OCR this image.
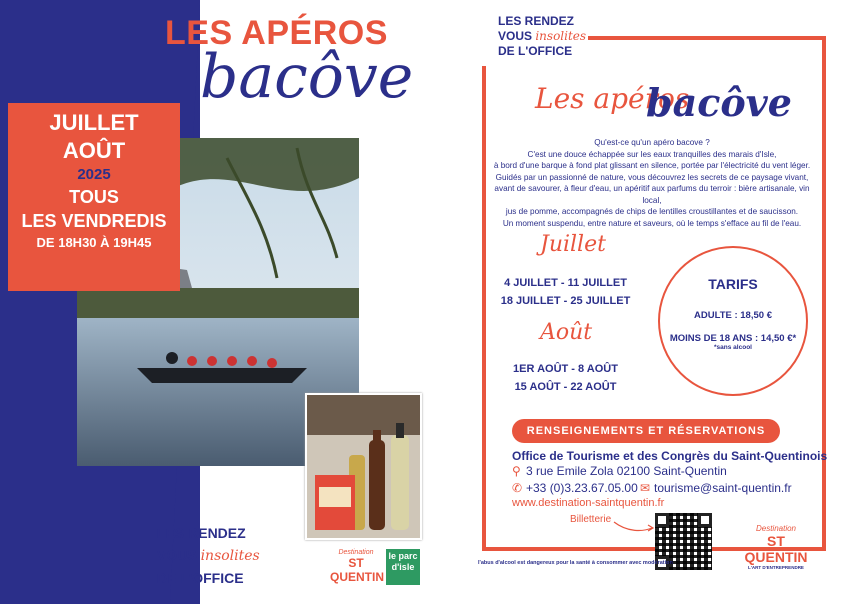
LES APÉROS
bacôve
JUILLET
AOÛT
2025
TOUS
LES VENDREDIS
DE 18H30 À 19H45
LES RENDEZ
VOUS insolites
DE L'OFFICE
Destination
ST QUENTIN
le parc d'isle
LES RENDEZ
VOUS insolites
DE L'OFFICE
Les apéros
bacôve
Qu'est-ce qu'un apéro bacove ?
C'est une douce échappée sur les eaux tranquilles des marais d'Isle,
à bord d'une barque à fond plat glissant en silence, portée par l'électricité du vent léger.
Guidés par un passionné de nature, vous découvrez les secrets de ce paysage vivant,
avant de savourer, à fleur d'eau, un apéritif aux parfums du terroir : bière artisanale, vin local,
jus de pomme, accompagnés de chips de lentilles croustillantes et de saucisson.
Un moment suspendu, entre nature et saveurs, où le temps s'efface au fil de l'eau.
Juillet
4 JUILLET - 11 JUILLET
18 JUILLET - 25 JUILLET
Août
1ER AOÛT - 8 AOÛT
15 AOÛT - 22 AOÛT
TARIFS
ADULTE : 18,50 €
MOINS DE 18 ANS : 14,50 €*
*sans alcool
RENSEIGNEMENTS ET RÉSERVATIONS
Office de Tourisme et des Congrès du Saint-Quentinois
⚲ 3 rue Emile Zola 02100 Saint-Quentin
✆ +33 (0)3.23.67.05.00 ✉ tourisme@saint-quentin.fr
www.destination-saintquentin.fr
Billetterie
l'abus d'alcool est dangereux pour la santé à consommer avec modération
Destination
ST QUENTIN
L'ART D'ENTREPRENDRE
